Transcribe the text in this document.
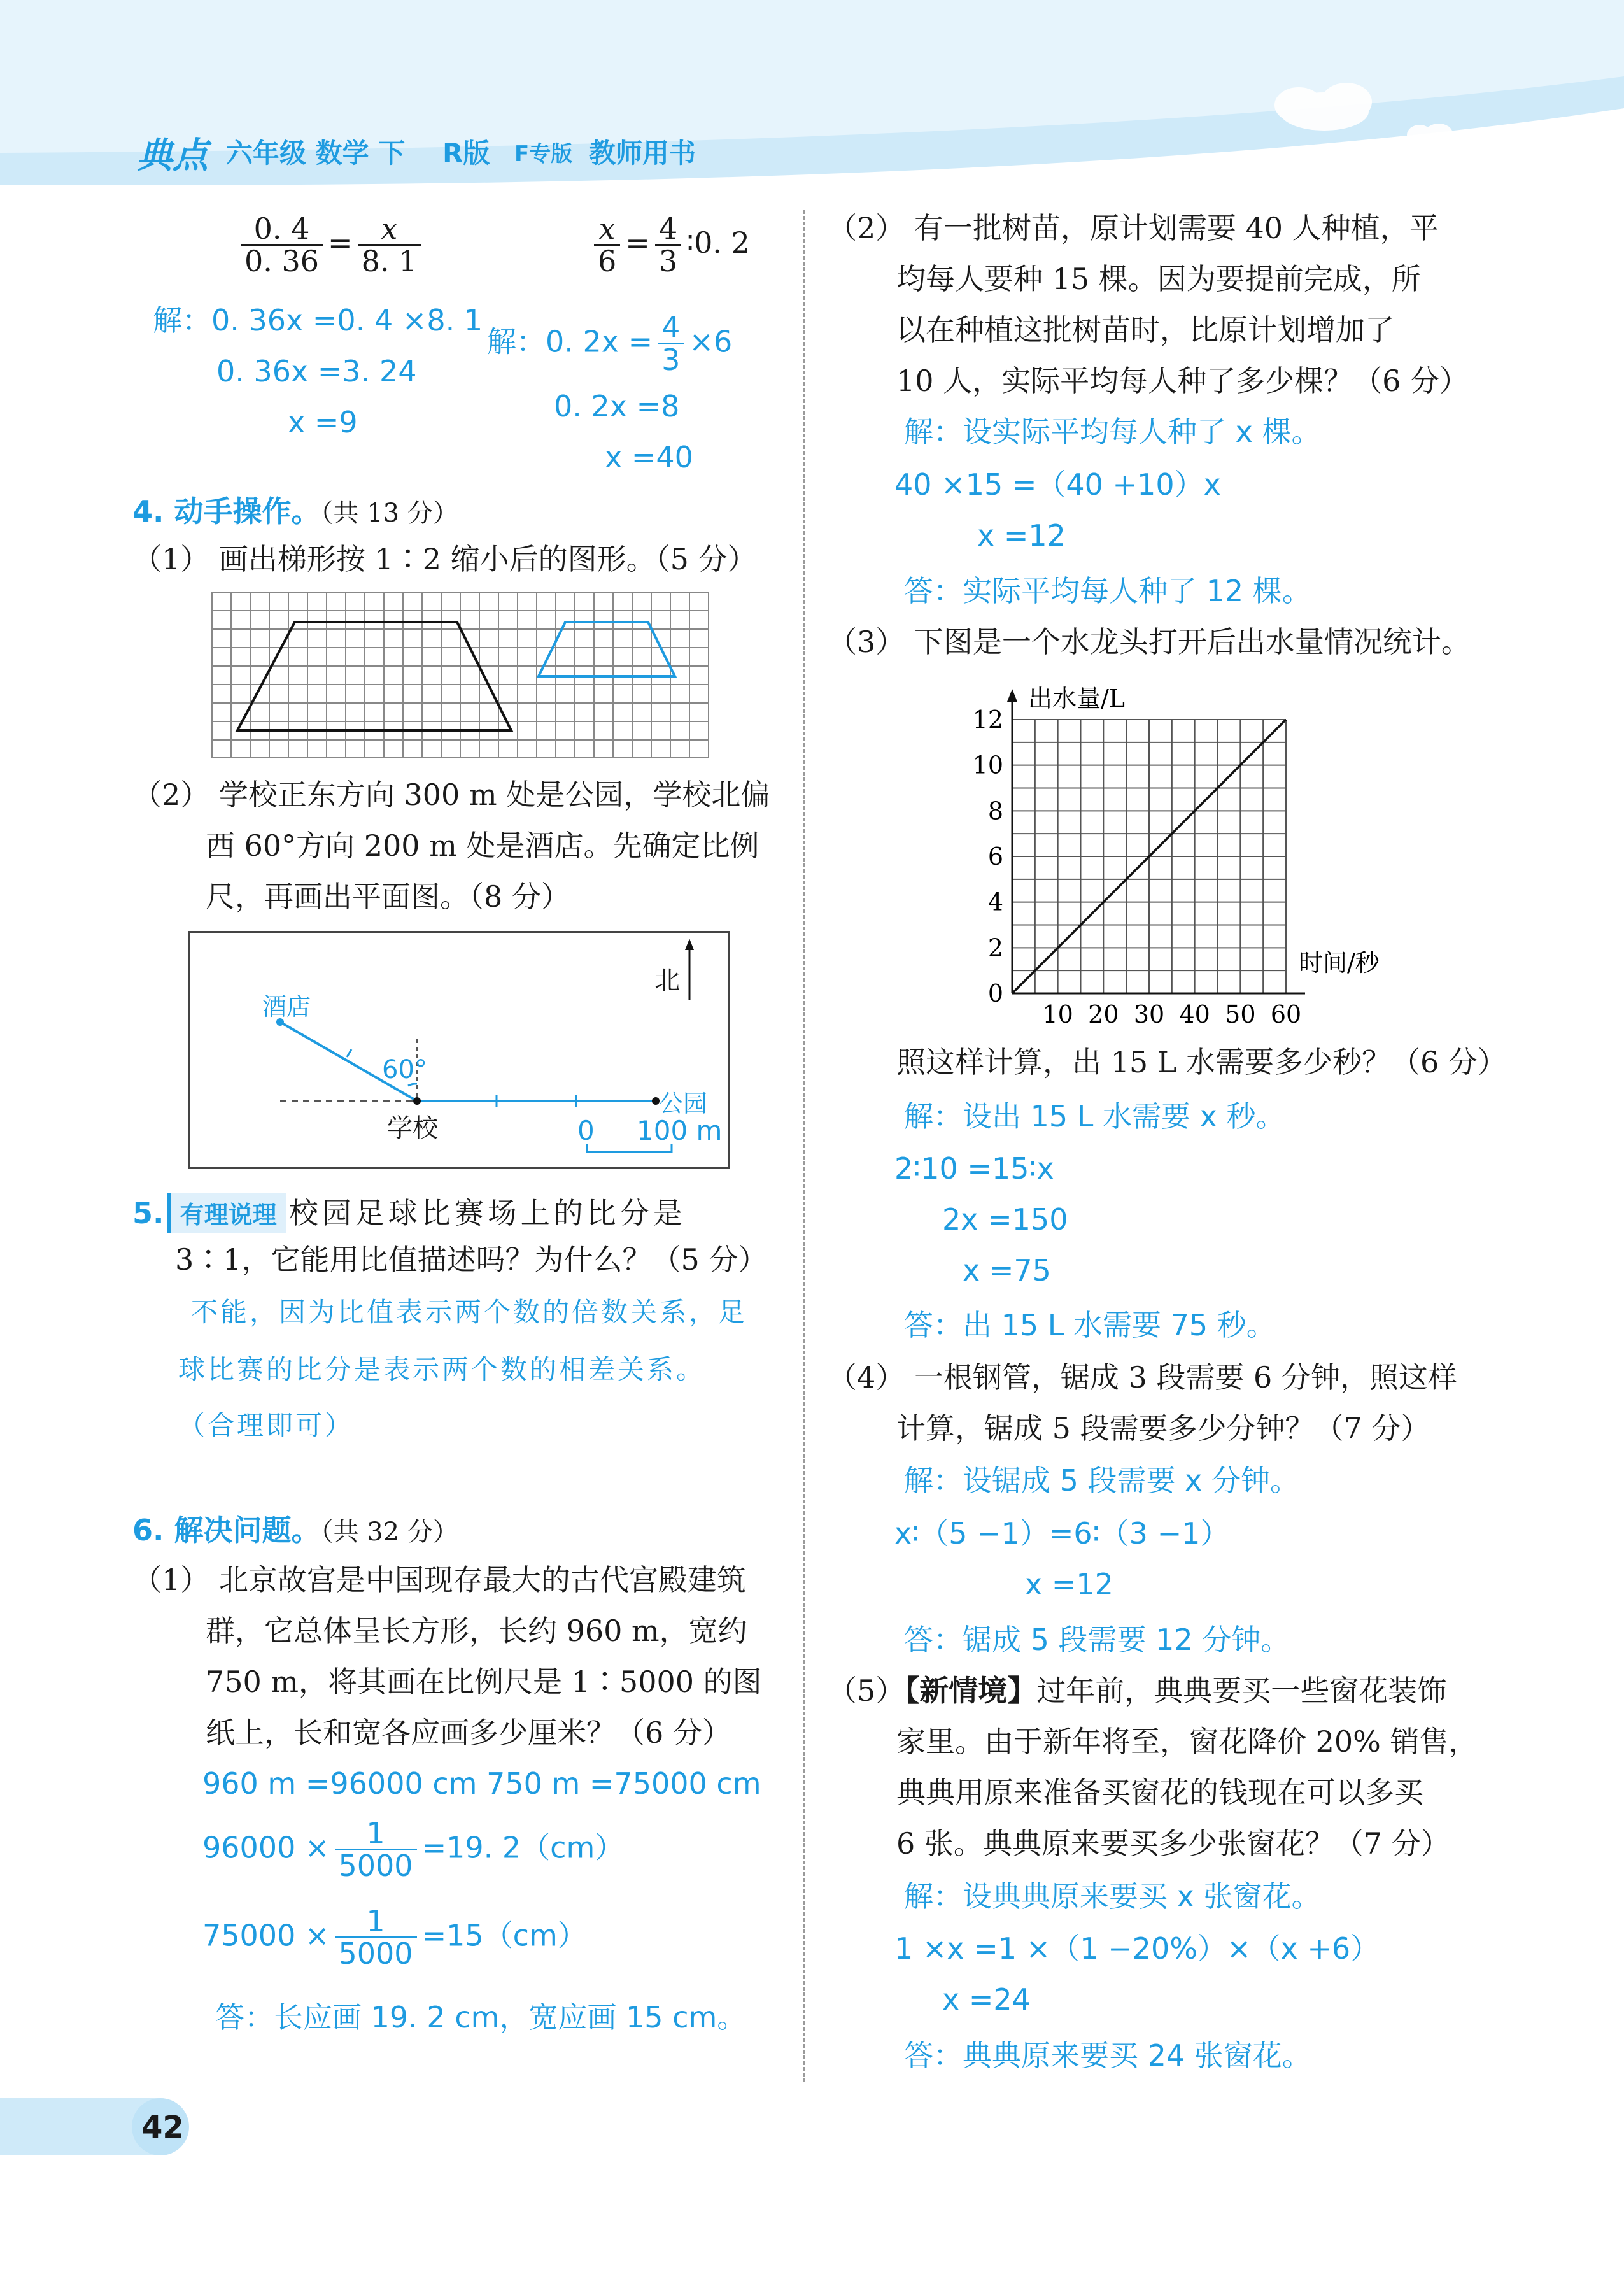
典点 六年级 数学 下 R版 F专版 教师用书
$\frac{0. 4}{0. 36} = \frac{x}{8. 1}$	$\frac{x}{6} = \frac{4}{3}$ ∶0. 2
解：0. 36x =0. 4 ×8. 1
0. 36x =3. 24
x =9
解：0. $2x = \frac{4}{3} \times 6$
0. 2x =8
x =40
4. 动手操作。（共 13 分）
（1） 画出梯形按 1∶2 缩小后的图形。（5 分）
（2） 学校正东方向 300 m 处是公园，学校北偏
西 60°方向 200 m 处是酒店。先确定比例
尺，再画出平面图。（8 分）
酒店
学校
公园
北
60°
0 100 m
5. 有理说理 校园足球比赛场上的比分是
3∶1，它能用比值描述吗？为什么？（5 分）
不能，因为比值表示两个数的倍数关系，足
球比赛的比分是表示两个数的相差关系。
（合理即可）
6. 解决问题。（共 32 分）
（1） 北京故宫是中国现存最大的古代宫殿建筑
群，它总体呈长方形，长约 960 m，宽约
750 m，将其画在比例尺是 1∶5000 的图
纸上，长和宽各应画多少厘米？（6 分）
960 m =96000 cm 750 m =75000 cm
$96000 \times \frac{1}{5000} =19$. 2（cm）
$75000 \times \frac{1}{5000} =15(cm)$
答：长应画 19. 2 cm，宽应画 15 cm。
42
（2） 有一批树苗，原计划需要 40 人种植，平
均每人要种 15 棵。因为要提前完成，所
以在种植这批树苗时，比原计划增加了
10 人，实际平均每人种了多少棵？（6 分）
解：设实际平均每人种了 x 棵。
40 ×15 =（40 +10）x
x =12
答：实际平均每人种了 12 棵。
（3） 下图是一个水龙头打开后出水量情况统计。
10 20 30 40 50 60
0
2
4
6
8
10
12
出水量/L
时间/秒
照这样计算，出 15 L 水需要多少秒？（6 分）
解：设出 15 L 水需要 x 秒。
2∶10 =15∶x
2x =150
x =75
答：出 15 L 水需要 75 秒。
（4） 一根钢管，锯成 3 段需要 6 分钟，照这样
计算，锯成 5 段需要多少分钟？（7 分）
解：设锯成 5 段需要 x 分钟。
x∶（5 −1）=6∶（3 −1）
x =12
答：锯成 5 段需要 12 分钟。
（5）【新情境】过年前，典典要买一些窗花装饰
家里。由于新年将至，窗花降价 20% 销售，
典典用原来准备买窗花的钱现在可以多买
6 张。典典原来要买多少张窗花？（7 分）
解：设典典原来要买 x 张窗花。
1 ×x =1 ×（1 −20%）×（x +6）
x =24
答：典典原来要买 24 张窗花。
